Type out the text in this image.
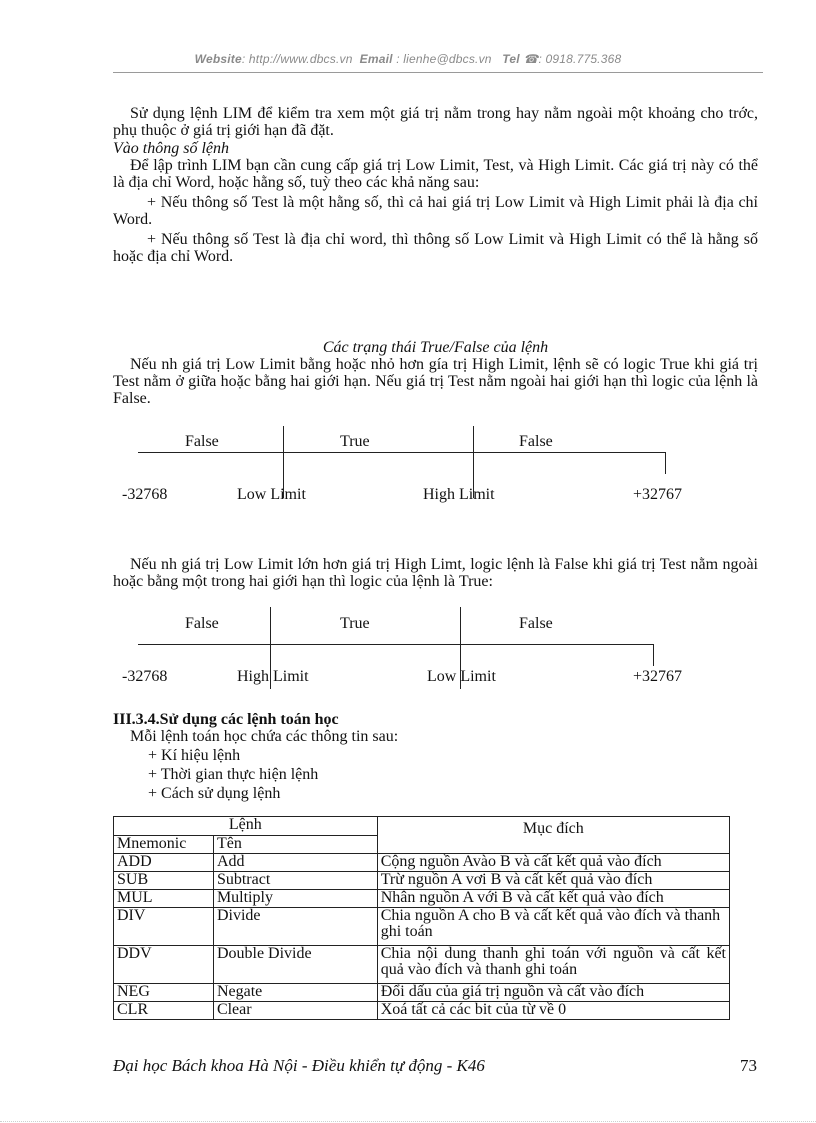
Website: http://www.dbcs.vn Email : lienhe@dbcs.vn Tel ☎: 0918.775.368
Sử dụng lệnh LIM để kiểm tra xem một giá trị nằm trong hay nằm ngoài một khoảng cho trớc, phụ thuộc ở giá trị giới hạn đã đặt.
Vào thông số lệnh
Để lập trình LIM bạn cần cung cấp giá trị Low Limit, Test, và High Limit. Các giá trị này có thể là địa chỉ Word, hoặc hằng số, tuỳ theo các khả năng sau:
+ Nếu thông số Test là một hằng số, thì cả hai giá trị Low Limit và High Limit phải là địa chỉ Word.
+ Nếu thông số Test là địa chỉ word, thì thông số Low Limit và High Limit có thể là hằng số hoặc địa chỉ Word.
Các trạng thái True/False của lệnh
Nếu nh giá trị Low Limit bằng hoặc nhỏ hơn gía trị High Limit, lệnh sẽ có logic True khi giá trị Test nằm ở giữa hoặc bằng hai giới hạn. Nếu giá trị Test nằm ngoài hai giới hạn thì logic của lệnh là False.
False	True	False
-32768	Low Limit	High Limit	+32767
Nếu nh giá trị Low Limit lớn hơn giá trị High Limt, logic lệnh là False khi giá trị Test nằm ngoài hoặc bằng một trong hai giới hạn thì logic của lệnh là True:
False	True	False
-32768	High Limit	Low Limit	+32767
III.3.4.Sử dụng các lệnh toán học
Mỗi lệnh toán học chứa các thông tin sau:
+ Kí hiệu lệnh
+ Thời gian thực hiện lệnh
+ Cách sử dụng lệnh
Lệnh		Mục đích
Mnemonic	Tên	
ADD	Add	Cộng nguồn Avào B và cất kết quả vào đích
SUB	Subtract	Trừ nguồn A vơi B và cất kết quả vào đích
MUL	Multiply	Nhân nguồn A với B và cất kết quả vào đích
DIV	Divide	Chia nguồn A cho B và cất kết quả vào đích và thanh ghi toán
DDV	Double Divide	Chia nội dung thanh ghi toán với nguồn và cất kết quả vào đích và thanh ghi toán
NEG	Negate	Đổi dấu của giá trị nguồn và cất vào đích
CLR	Clear	Xoá tất cả các bit của từ về 0
Đại học Bách khoa Hà Nội - Điều khiển tự động - K46	73
